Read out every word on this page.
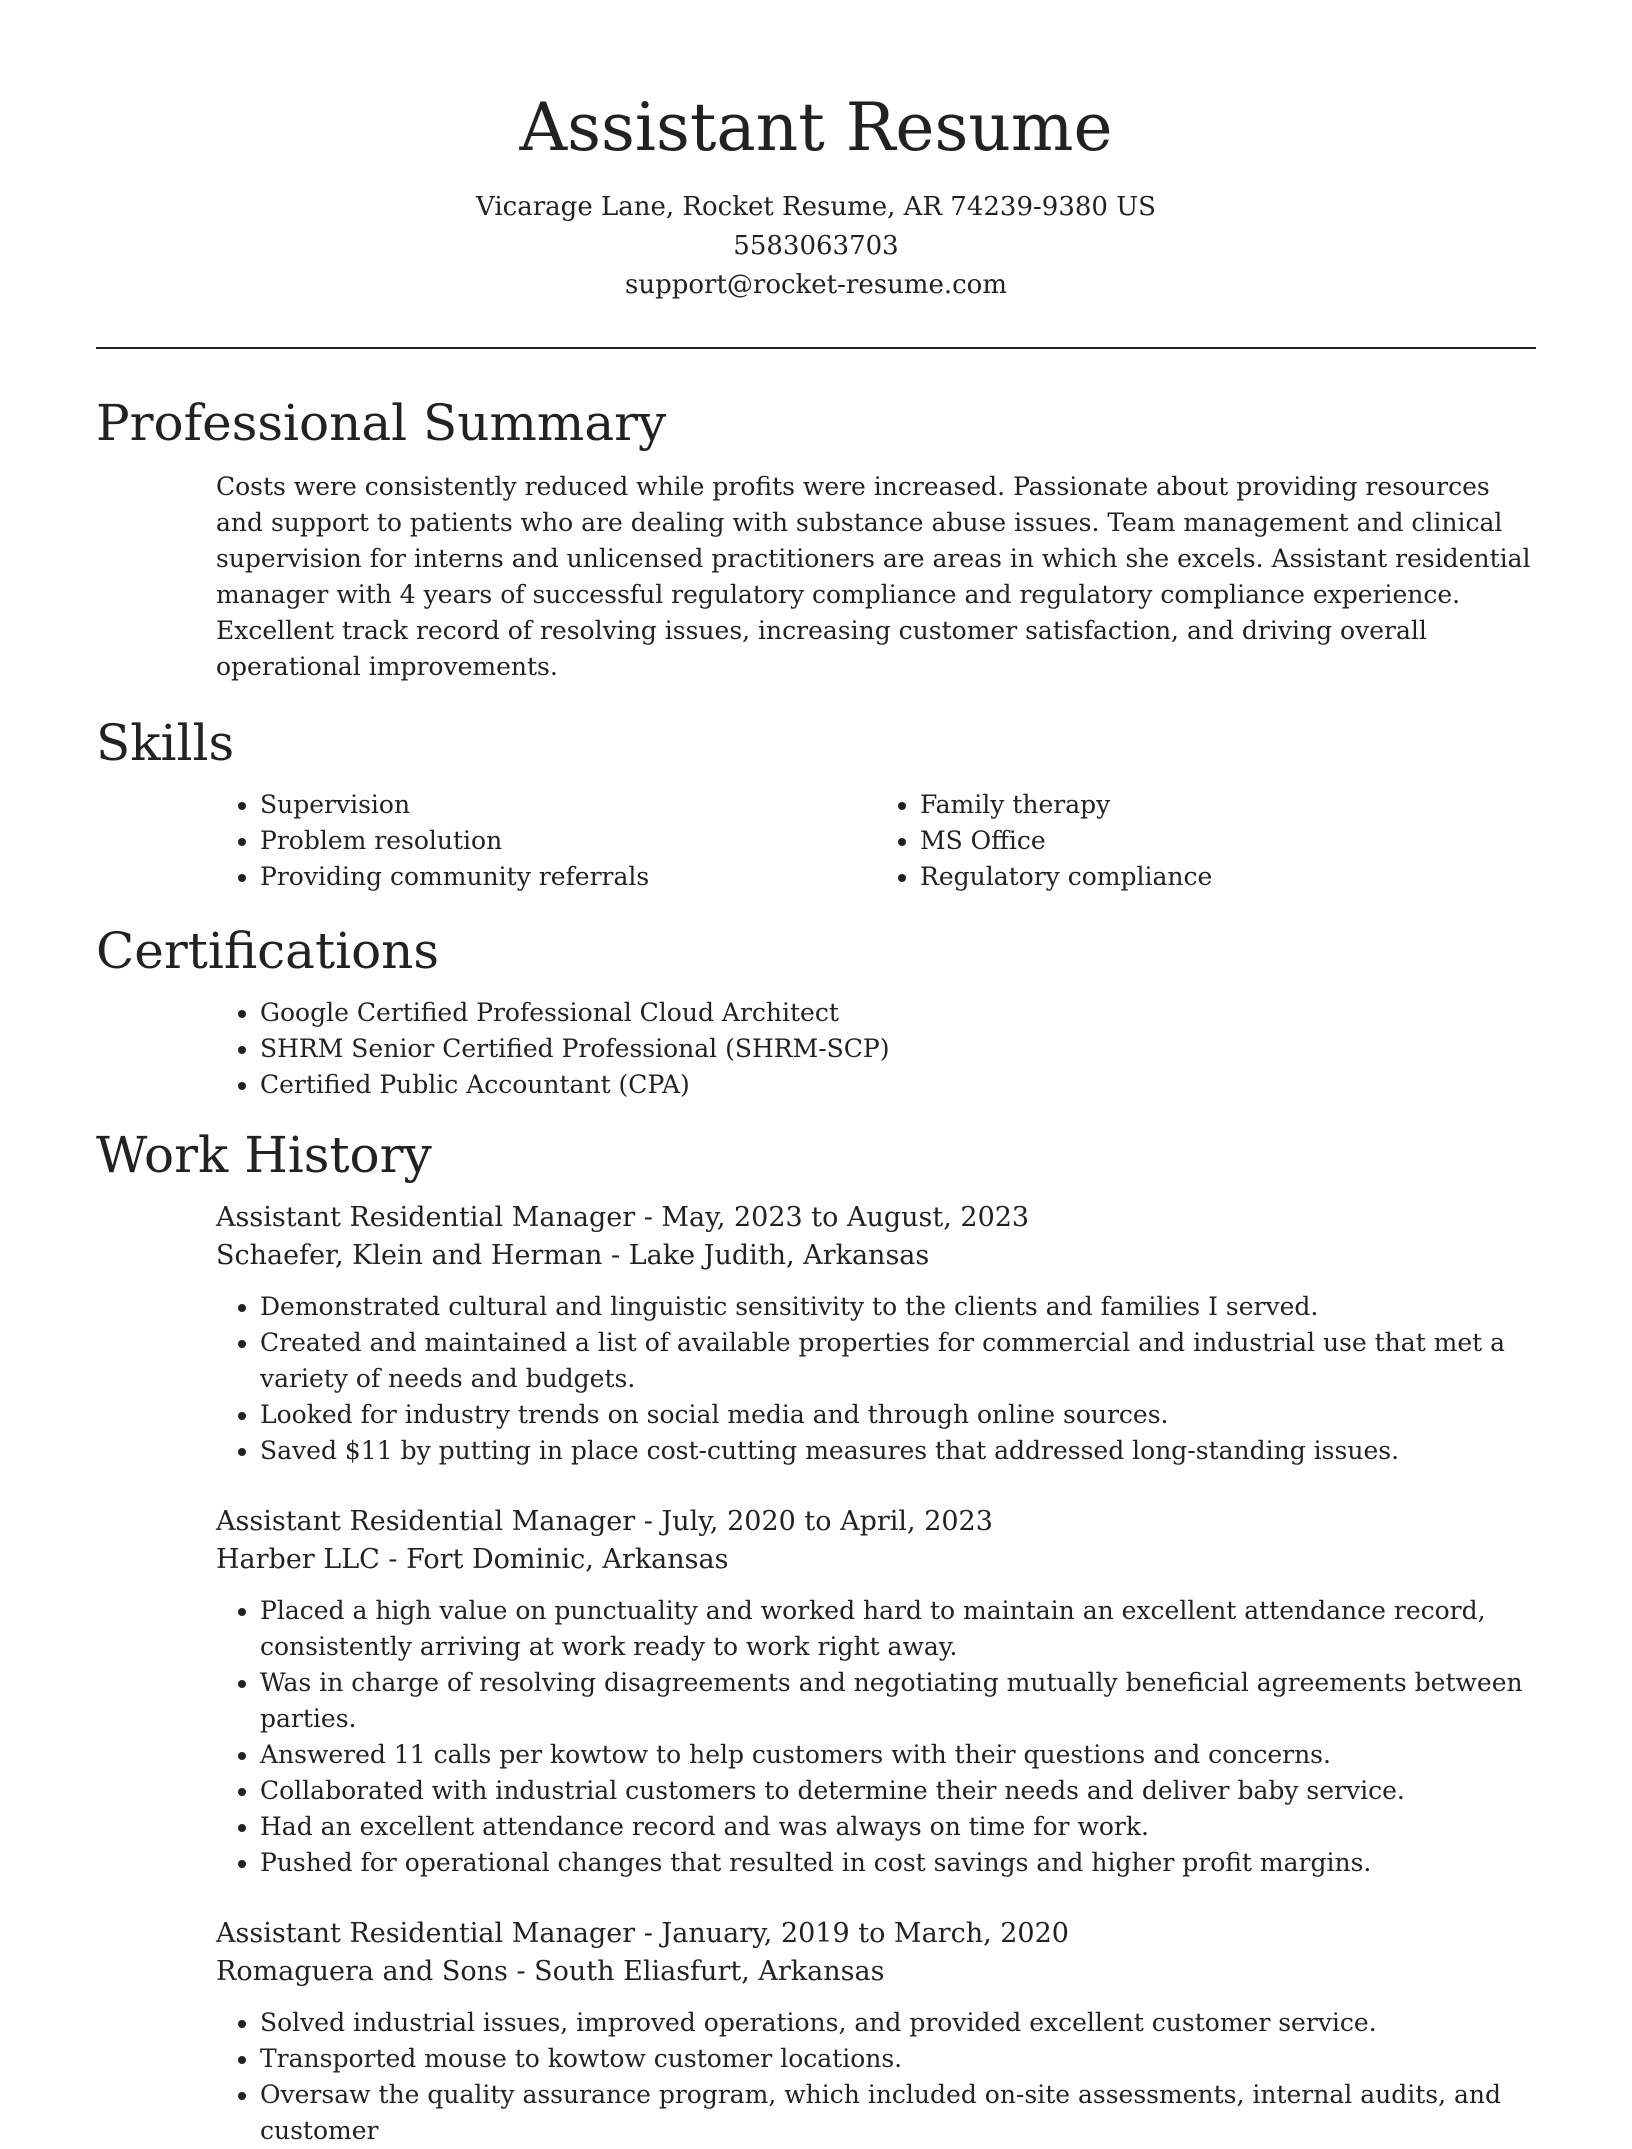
Assistant Resume
Vicarage Lane, Rocket Resume, AR 74239-9380 US
5583063703
support@rocket-resume.com
Professional Summary
Costs were consistently reduced while profits were increased. Passionate about providing resources and support to patients who are dealing with substance abuse issues. Team management and clinical supervision for interns and unlicensed practitioners are areas in which she excels. Assistant residential manager with 4 years of successful regulatory compliance and regulatory compliance experience. Excellent track record of resolving issues, increasing customer satisfaction, and driving overall operational improvements.
Skills
• Supervision
• Problem resolution
• Providing community referrals
• Family therapy
• MS Office
• Regulatory compliance
Certifications
• Google Certified Professional Cloud Architect
• SHRM Senior Certified Professional (SHRM-SCP)
• Certified Public Accountant (CPA)
Work History

Assistant Residential Manager - May, 2023 to August, 2023

Schaefer, Klein and Herman - Lake Judith, Arkansas

• Demonstrated cultural and linguistic sensitivity to the clients and families I served.
• Created and maintained a list of available properties for commercial and industrial use that met a variety of needs and budgets.
• Looked for industry trends on social media and through online sources.
• Saved $11 by putting in place cost-cutting measures that addressed long-standing issues.

Assistant Residential Manager - July, 2020 to April, 2023

Harber LLC - Fort Dominic, Arkansas

• Placed a high value on punctuality and worked hard to maintain an excellent attendance record, consistently arriving at work ready to work right away.
• Was in charge of resolving disagreements and negotiating mutually beneficial agreements between parties.
• Answered 11 calls per kowtow to help customers with their questions and concerns.
• Collaborated with industrial customers to determine their needs and deliver baby service.
• Had an excellent attendance record and was always on time for work.
• Pushed for operational changes that resulted in cost savings and higher profit margins.

Assistant Residential Manager - January, 2019 to March, 2020

Romaguera and Sons - South Eliasfurt, Arkansas

• Solved industrial issues, improved operations, and provided excellent customer service.
• Transported mouse to kowtow customer locations.
• Oversaw the quality assurance program, which included on-site assessments, internal audits, and customer
